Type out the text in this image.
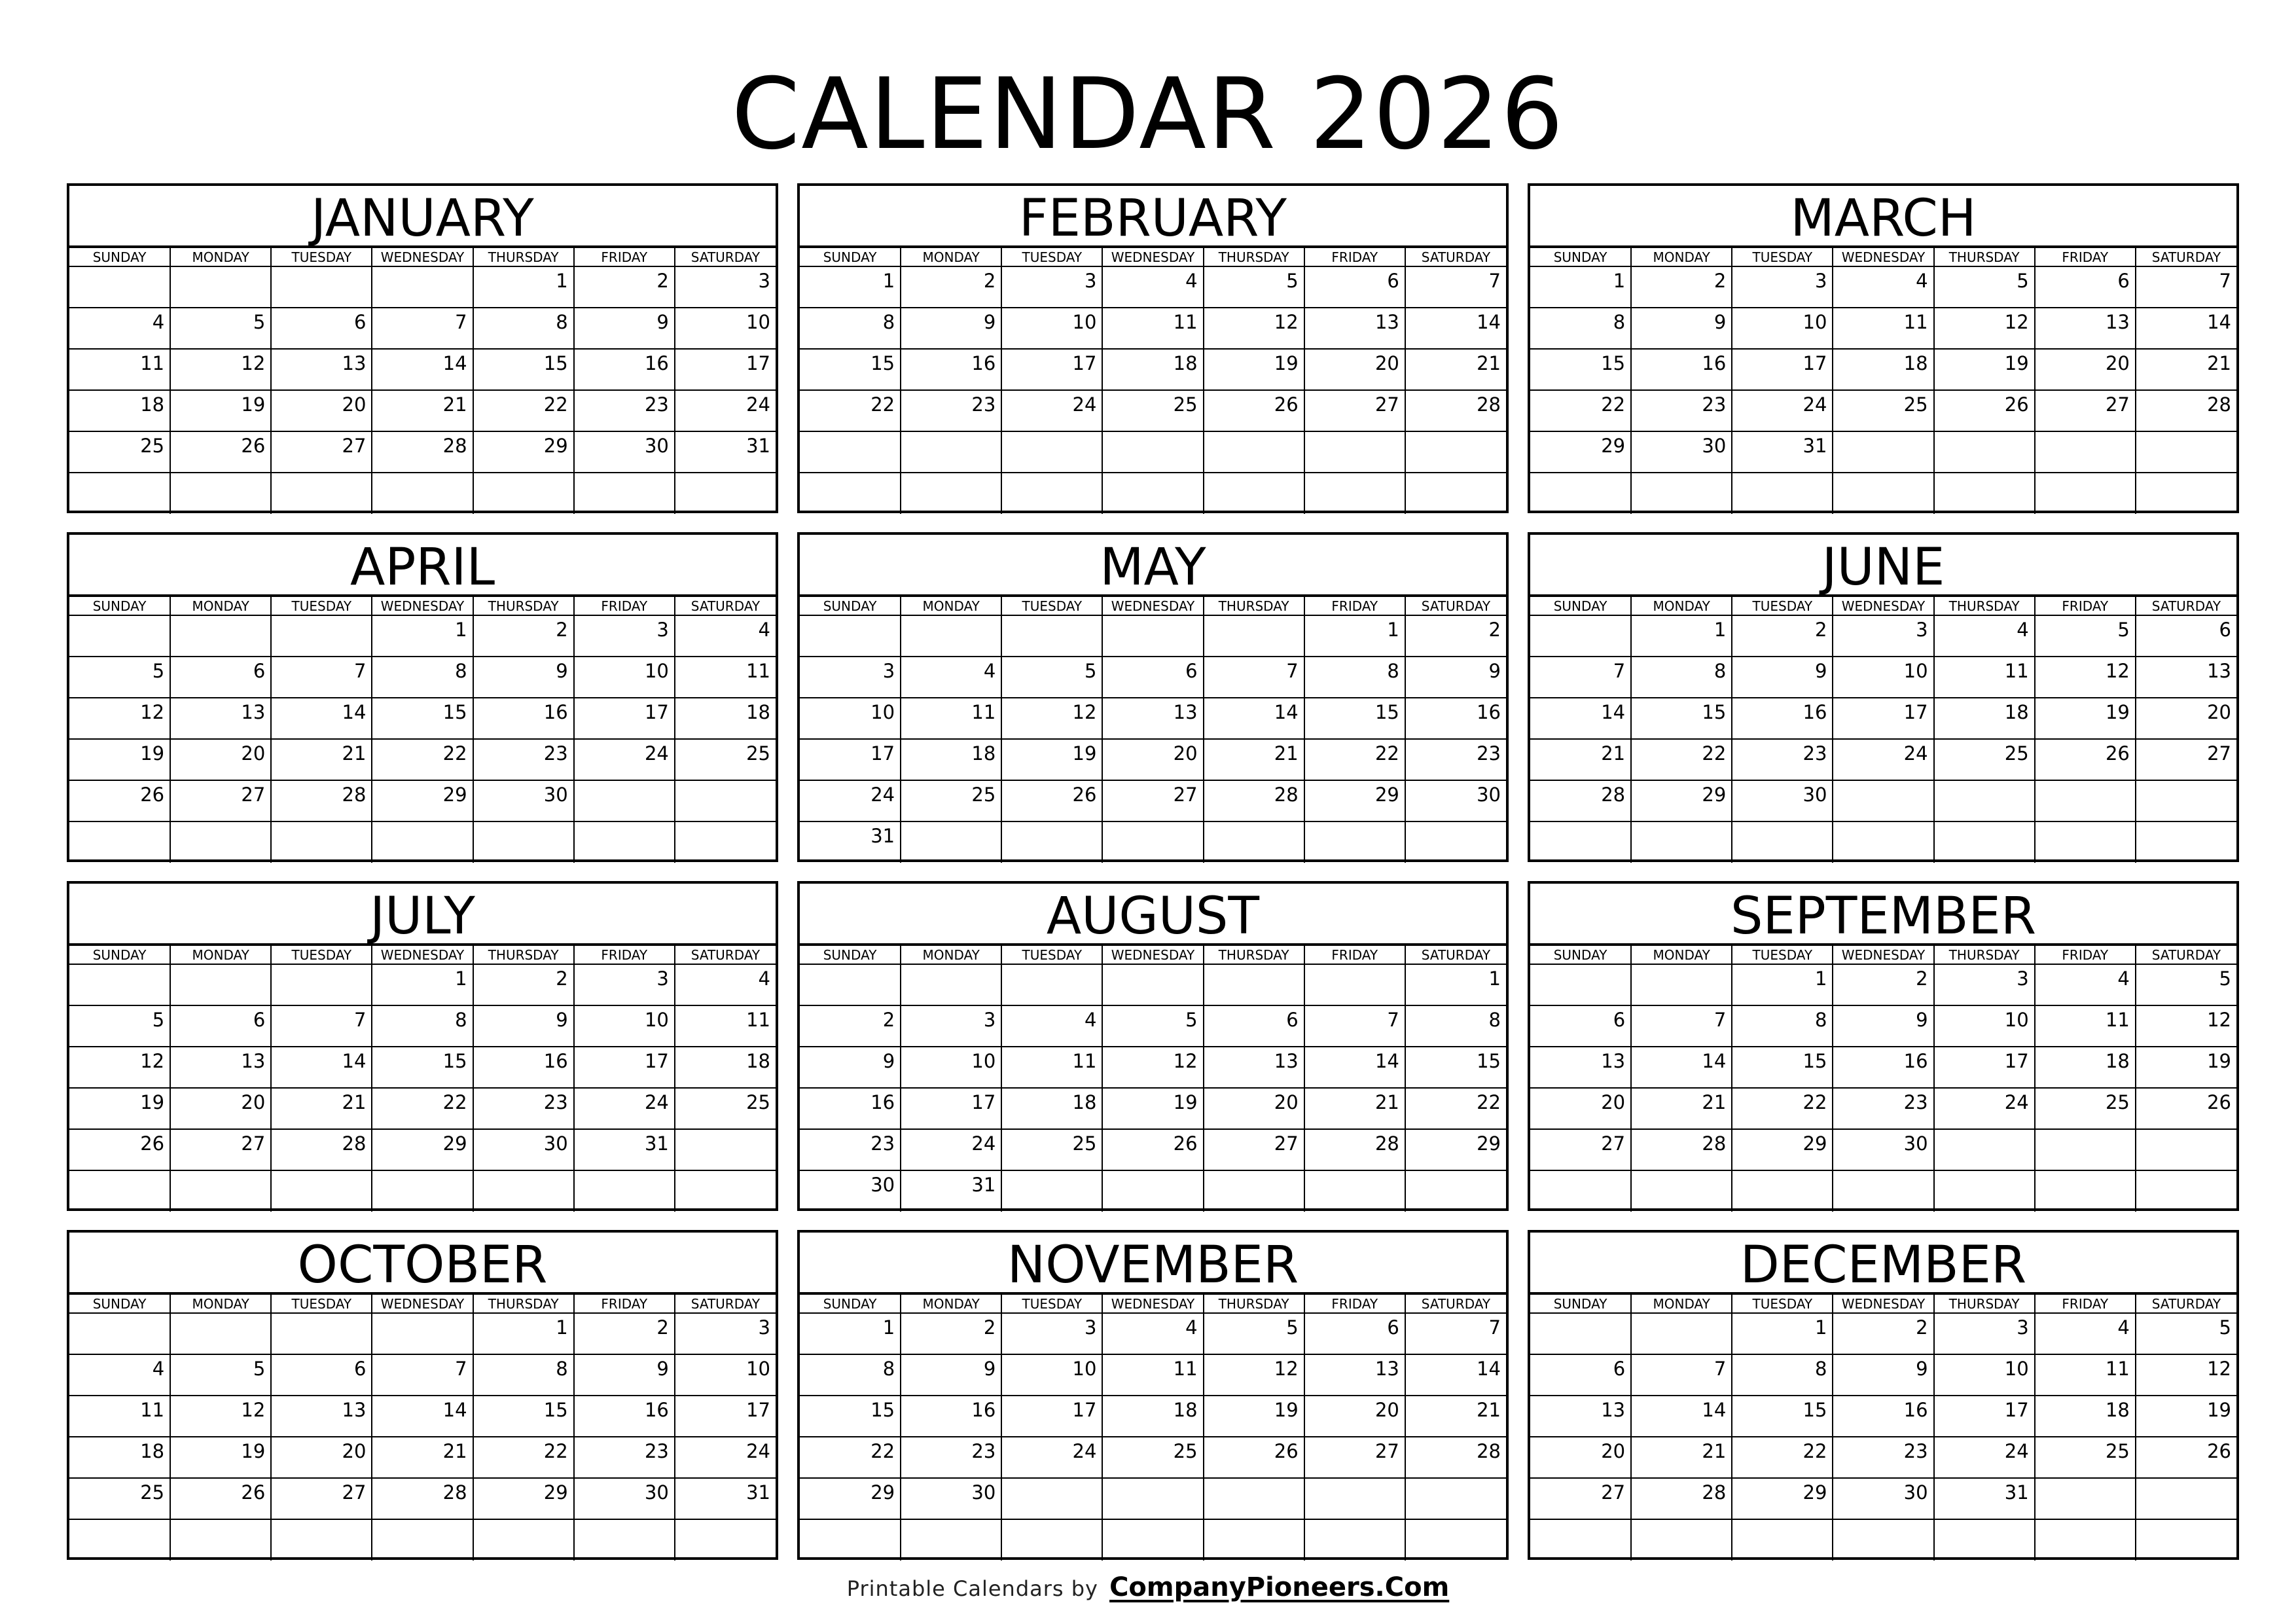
CALENDAR 2026
JANUARY
SUNDAY	MONDAY	TUESDAY	WEDNESDAY	THURSDAY	FRIDAY	SATURDAY
				1	2	3
4	5	6	7	8	9	10
11	12	13	14	15	16	17
18	19	20	21	22	23	24
25	26	27	28	29	30	31

FEBRUARY
SUNDAY	MONDAY	TUESDAY	WEDNESDAY	THURSDAY	FRIDAY	SATURDAY
1	2	3	4	5	6	7
8	9	10	11	12	13	14
15	16	17	18	19	20	21
22	23	24	25	26	27	28

MARCH
SUNDAY	MONDAY	TUESDAY	WEDNESDAY	THURSDAY	FRIDAY	SATURDAY
1	2	3	4	5	6	7
8	9	10	11	12	13	14
15	16	17	18	19	20	21
22	23	24	25	26	27	28
29	30	31				

APRIL
SUNDAY	MONDAY	TUESDAY	WEDNESDAY	THURSDAY	FRIDAY	SATURDAY
			1	2	3	4
5	6	7	8	9	10	11
12	13	14	15	16	17	18
19	20	21	22	23	24	25
26	27	28	29	30		

MAY
SUNDAY	MONDAY	TUESDAY	WEDNESDAY	THURSDAY	FRIDAY	SATURDAY
					1	2
3	4	5	6	7	8	9
10	11	12	13	14	15	16
17	18	19	20	21	22	23
24	25	26	27	28	29	30
31						
JUNE
SUNDAY	MONDAY	TUESDAY	WEDNESDAY	THURSDAY	FRIDAY	SATURDAY
	1	2	3	4	5	6
7	8	9	10	11	12	13
14	15	16	17	18	19	20
21	22	23	24	25	26	27
28	29	30				

JULY
SUNDAY	MONDAY	TUESDAY	WEDNESDAY	THURSDAY	FRIDAY	SATURDAY
			1	2	3	4
5	6	7	8	9	10	11
12	13	14	15	16	17	18
19	20	21	22	23	24	25
26	27	28	29	30	31	

AUGUST
SUNDAY	MONDAY	TUESDAY	WEDNESDAY	THURSDAY	FRIDAY	SATURDAY
						1
2	3	4	5	6	7	8
9	10	11	12	13	14	15
16	17	18	19	20	21	22
23	24	25	26	27	28	29
30	31					
SEPTEMBER
SUNDAY	MONDAY	TUESDAY	WEDNESDAY	THURSDAY	FRIDAY	SATURDAY
		1	2	3	4	5
6	7	8	9	10	11	12
13	14	15	16	17	18	19
20	21	22	23	24	25	26
27	28	29	30			

OCTOBER
SUNDAY	MONDAY	TUESDAY	WEDNESDAY	THURSDAY	FRIDAY	SATURDAY
				1	2	3
4	5	6	7	8	9	10
11	12	13	14	15	16	17
18	19	20	21	22	23	24
25	26	27	28	29	30	31

NOVEMBER
SUNDAY	MONDAY	TUESDAY	WEDNESDAY	THURSDAY	FRIDAY	SATURDAY
1	2	3	4	5	6	7
8	9	10	11	12	13	14
15	16	17	18	19	20	21
22	23	24	25	26	27	28
29	30					

DECEMBER
SUNDAY	MONDAY	TUESDAY	WEDNESDAY	THURSDAY	FRIDAY	SATURDAY
		1	2	3	4	5
6	7	8	9	10	11	12
13	14	15	16	17	18	19
20	21	22	23	24	25	26
27	28	29	30	31		

Printable Calendars by CompanyPioneers.Com
